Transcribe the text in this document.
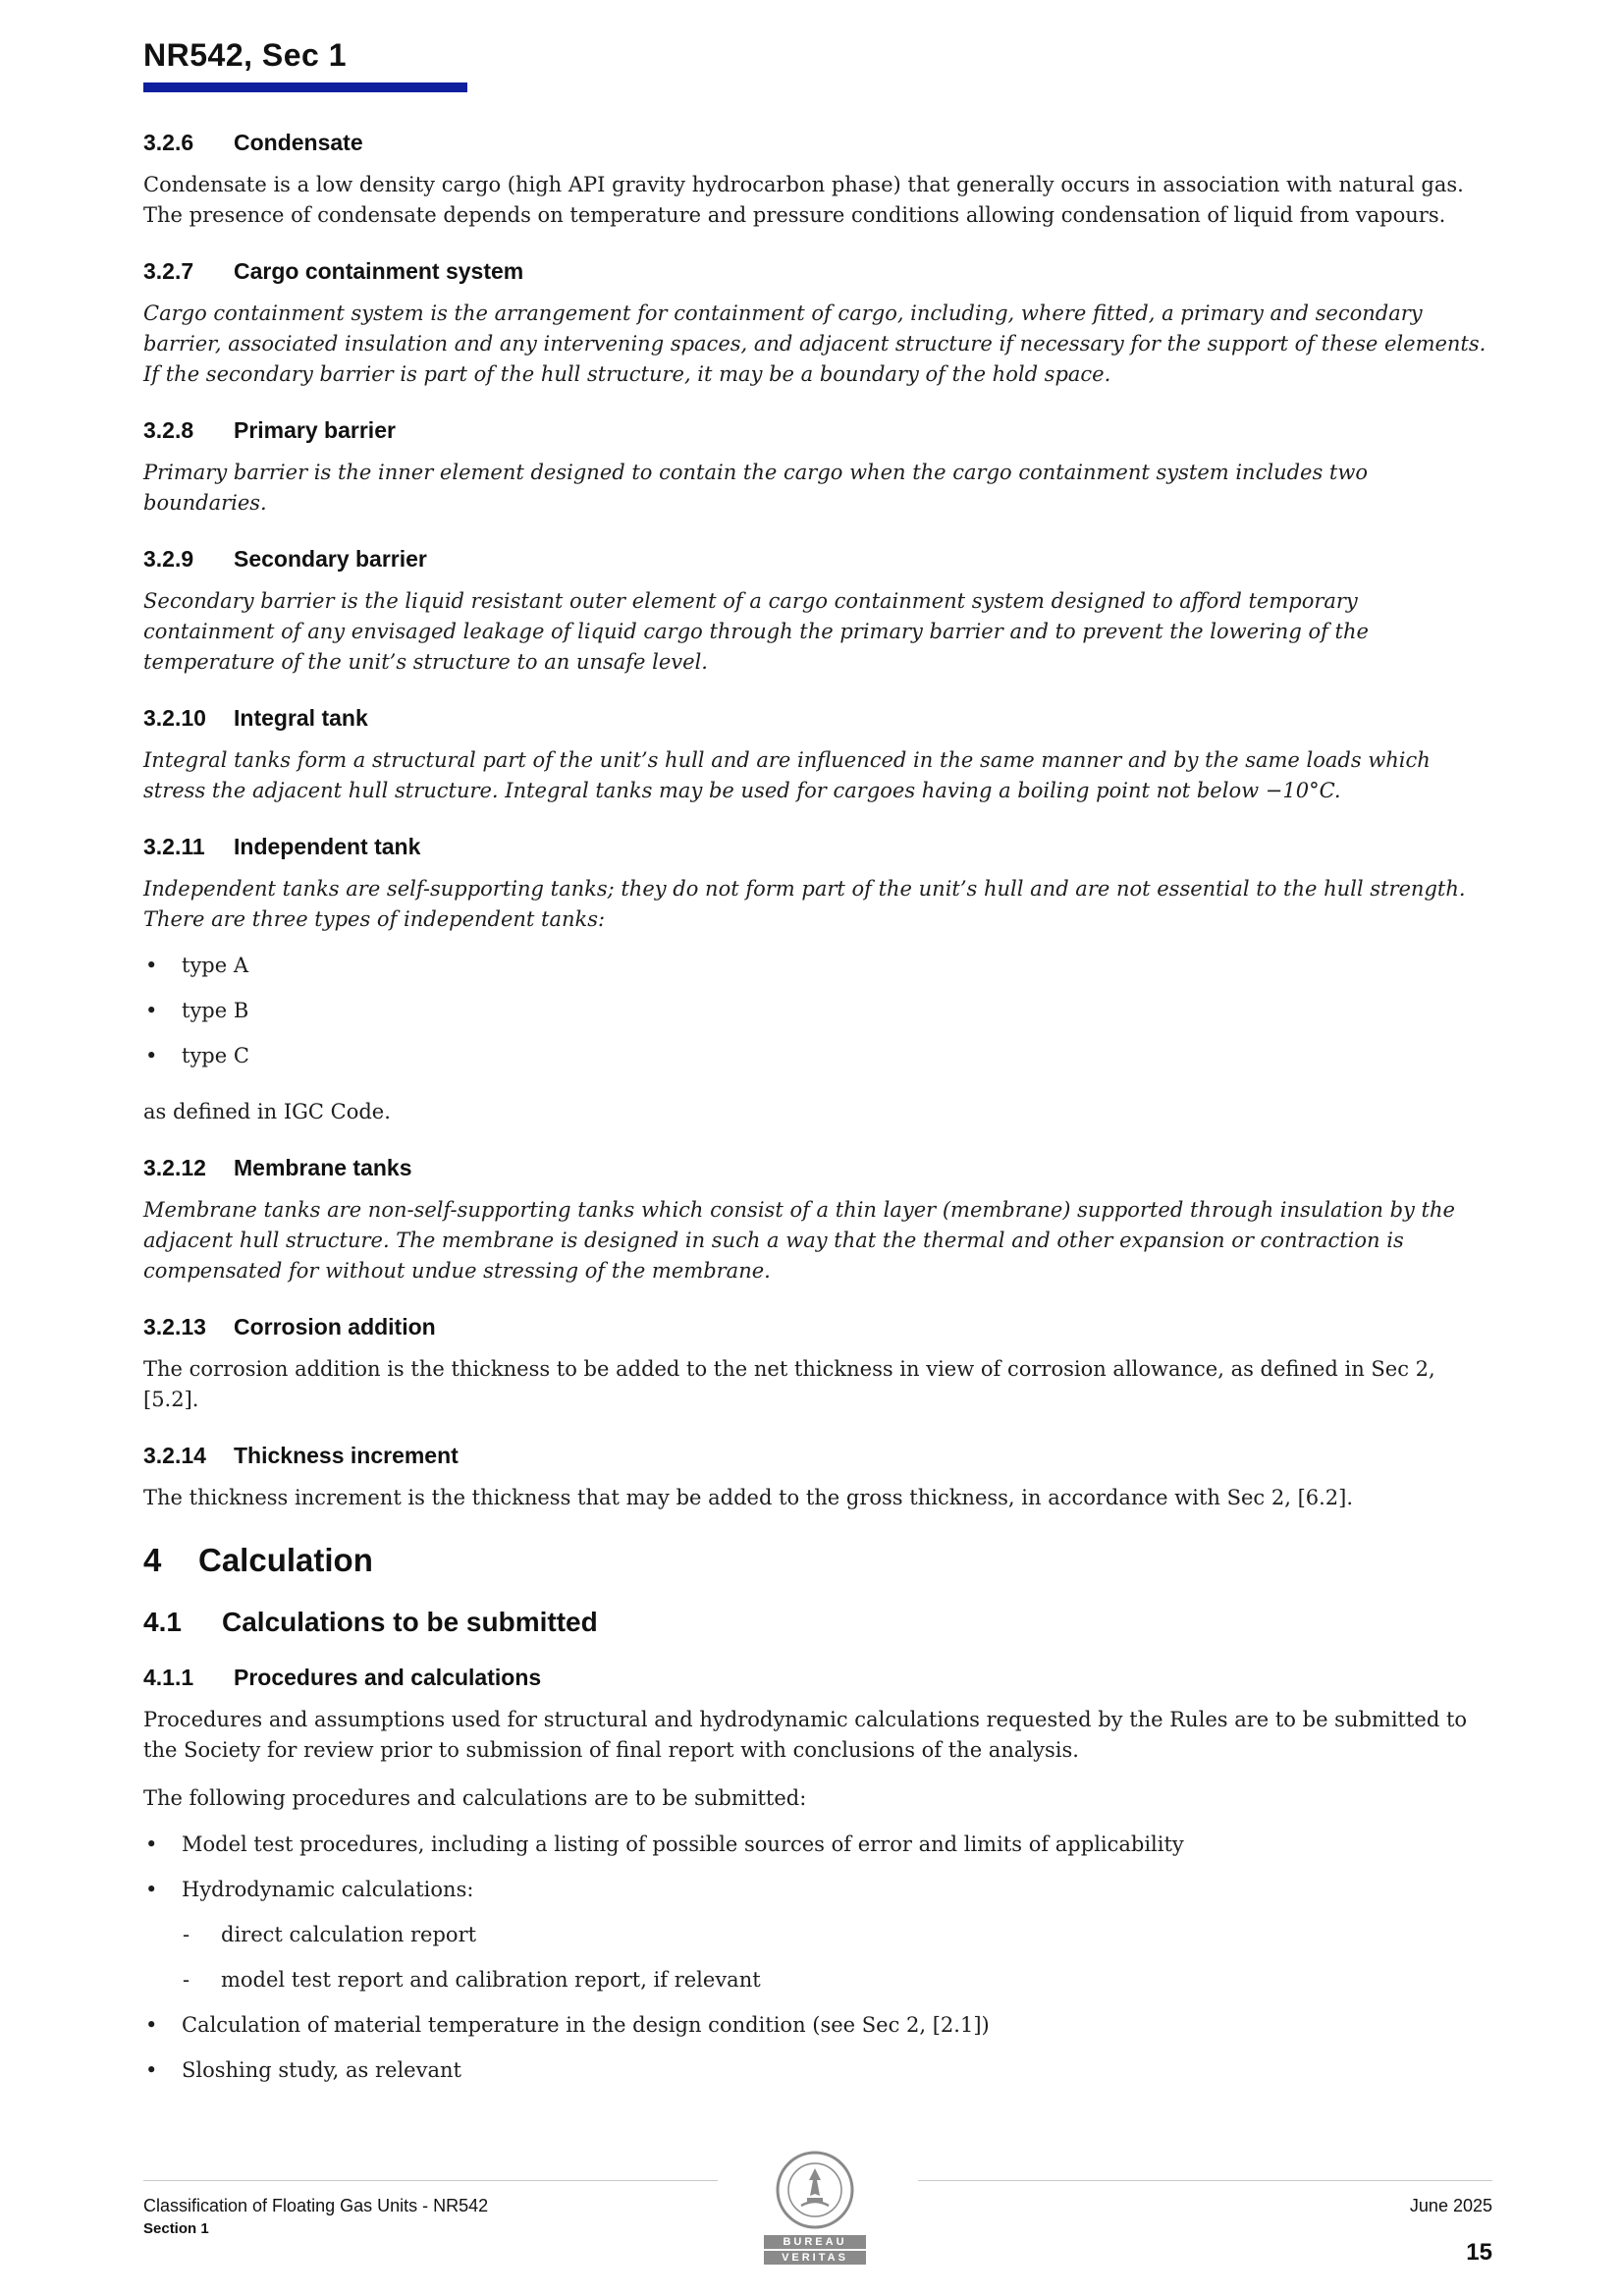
NR542, Sec 1
3.2.6 Condensate

Condensate is a low density cargo (high API gravity hydrocarbon phase) that generally occurs in association with natural gas. The presence of condensate depends on temperature and pressure conditions allowing condensation of liquid from vapours.

3.2.7 Cargo containment system

Cargo containment system is the arrangement for containment of cargo, including, where fitted, a primary and secondary barrier, associated insulation and any intervening spaces, and adjacent structure if necessary for the support of these elements. If the secondary barrier is part of the hull structure, it may be a boundary of the hold space.

3.2.8 Primary barrier

Primary barrier is the inner element designed to contain the cargo when the cargo containment system includes two boundaries.

3.2.9 Secondary barrier

Secondary barrier is the liquid resistant outer element of a cargo containment system designed to afford temporary containment of any envisaged leakage of liquid cargo through the primary barrier and to prevent the lowering of the temperature of the unit’s structure to an unsafe level.

3.2.10 Integral tank

Integral tanks form a structural part of the unit’s hull and are influenced in the same manner and by the same loads which stress the adjacent hull structure. Integral tanks may be used for cargoes having a boiling point not below −10°C.

3.2.11 Independent tank

Independent tanks are self-supporting tanks; they do not form part of the unit’s hull and are not essential to the hull strength. There are three types of independent tanks:

• type A
• type B
• type C

as defined in IGC Code.

3.2.12 Membrane tanks

Membrane tanks are non-self-supporting tanks which consist of a thin layer (membrane) supported through insulation by the adjacent hull structure. The membrane is designed in such a way that the thermal and other expansion or contraction is compensated for without undue stressing of the membrane.

3.2.13 Corrosion addition

The corrosion addition is the thickness to be added to the net thickness in view of corrosion allowance, as defined in Sec 2, [5.2].

3.2.14 Thickness increment

The thickness increment is the thickness that may be added to the gross thickness, in accordance with Sec 2, [6.2].

4 Calculation
4.1 Calculations to be submitted
4.1.1 Procedures and calculations

Procedures and assumptions used for structural and hydrodynamic calculations requested by the Rules are to be submitted to the Society for review prior to submission of final report with conclusions of the analysis.

The following procedures and calculations are to be submitted:

• Model test procedures, including a listing of possible sources of error and limits of applicability
• Hydrodynamic calculations:
- direct calculation report
- model test report and calibration report, if relevant
• Calculation of material temperature in the design condition (see Sec 2, [2.1])
• Sloshing study, as relevant
Classification of Floating Gas Units - NR542
Section 1
BUREAU
VERITAS
June 2025
15
